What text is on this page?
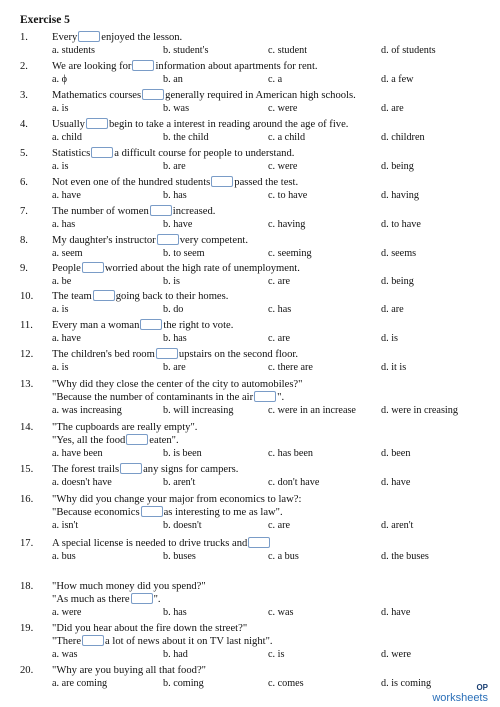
Exercise 5
1. Every enjoyed the lesson.
a. students	b. student's	c. student	d. of students
2. We are looking for information about apartments for rent.
a. ϕ	b. an	c. a	d. a few
3. Mathematics courses generally required in American high schools.
a. is	b. was	c. were	d. are
4. Usually begin to take a interest in reading around the age of five.
a. child	b. the child	c. a child	d. children
5. Statistics a difficult course for people to understand.
a. is	b. are	c. were	d. being
6. Not even one of the hundred students passed the test.
a. have	b. has	c. to have	d. having
7. The number of women increased.
a. has	b. have	c. having	d. to have
8. My daughter's instructor very competent.
a. seem	b. to seem	c. seeming	d. seems
9. People worried about the high rate of unemployment.
a. be	b. is	c. are	d. being
10. The team going back to their homes.
a. is	b. do	c. has	d. are
11. Every man a woman the right to vote.
a. have	b. has	c. are	d. is
12. The children's bed room upstairs on the second floor.
a. is	b. are	c. there are	d. it is
13. "Why did they close the center of the city to automobiles?"
"Because the number of contaminants in the air ".
a. was increasing	b. will increasing	c. were in an increase d. were in creasing
14. "The cupboards are really empty".
"Yes, all the food eaten".
a. have been	b. is been	c. has been	d. been
15. The forest trails any signs for campers.
a. doesn't have	b. aren't	c. don't have	d. have
16. "Why did you change your major from economics to law?:
"Because economics as interesting to me as law".
a. isn't	b. doesn't	c. are	d. aren't
17. A special license is needed to drive trucks and
a. bus	b. buses	c. a bus	d. the buses
18. "How much money did you spend?"
"As much as there ".
a. were	b. has	c. was	d. have
19. "Did you hear about the fire down the street?"
"There a lot of news about it on TV last night".
a. was	b. had	c. is	d. were
20. "Why are you buying all that food?"
a. are coming	b. coming	c. comes	d. is coming	OP
worksheets
